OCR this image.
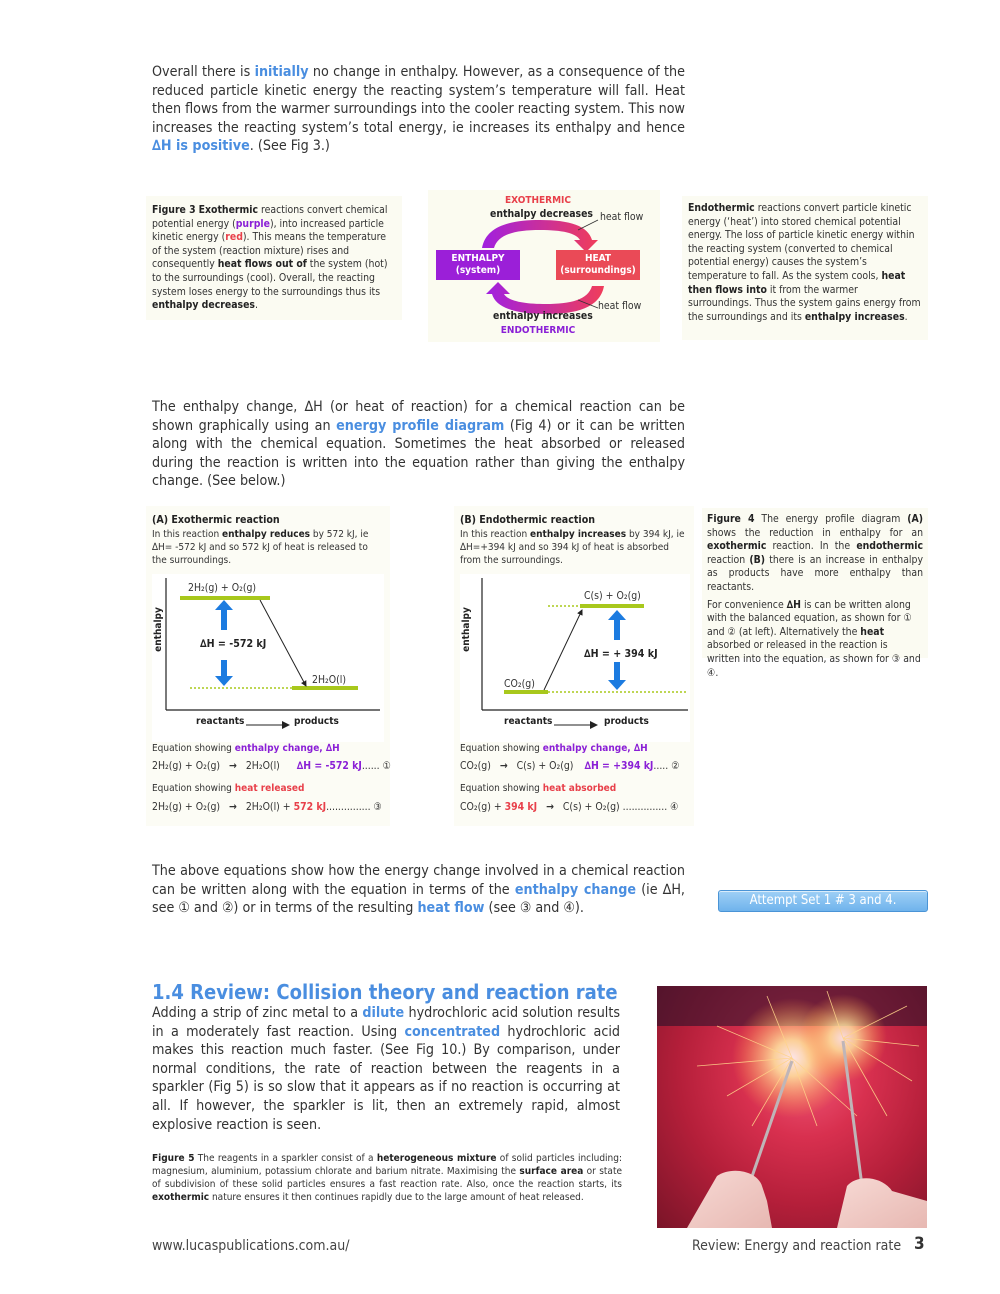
Overall there is initially no change in enthalpy. However, as a consequence of the reduced particle kinetic energy the reacting system’s temperature will fall. Heat then flows from the warmer surroundings into the cooler reacting system. This now increases the reacting system’s total energy, ie increases its enthalpy and hence ∆H is positive. (See Fig 3.)
Figure 3 Exothermic reactions convert chemical potential energy (purple), into increased particle kinetic energy (red). This means the temperature of the system (reaction mixture) rises and consequently heat flows out of the system (hot) to the surroundings (cool). Overall, the reacting system loses energy to the surroundings thus its enthalpy decreases.
EXOTHERMIC
enthalpy decreases heat flow
ENTHALPY
(system)
HEAT
(surroundings)
heat flow
enthalpy increases
ENDOTHERMIC
Endothermic reactions convert particle kinetic energy (‘heat’) into stored chemical potential energy. The loss of particle kinetic energy within the reacting system (converted to chemical potential energy) causes the system’s temperature to fall. As the system cools, heat then flows into it from the warmer surroundings. Thus the system gains energy from the surroundings and its enthalpy increases.
The enthalpy change, ∆H (or heat of reaction) for a chemical reaction can be shown graphically using an energy profile diagram (Fig 4) or it can be written along with the chemical equation. Sometimes the heat absorbed or released during the reaction is written into the equation rather than giving the enthalpy change. (See below.)
(A) Exothermic reaction
In this reaction enthalpy reduces by 572 kJ, ie ∆H= -572 kJ and so 572 kJ of heat is released to the surroundings.
enthalpy
2H₂(g) + O₂(g)
2H₂O(l)
∆H = -572 kJ
reactants	products
Equation showing enthalpy change, ∆H
2H₂(g) + O₂(g) → 2H₂O(l) ∆H = -572 kJ...... ①
Equation showing heat released
2H₂(g) + O₂(g) → 2H₂O(l) + 572 kJ............... ③
(B) Endothermic reaction
In this reaction enthalpy increases by 394 kJ, ie ∆H=+394 kJ and so 394 kJ of heat is absorbed from the surroundings.
enthalpy
C(s) + O₂(g)
CO₂(g)
∆H = + 394 kJ
reactants	products
Equation showing enthalpy change, ∆H
CO₂(g) → C(s) + O₂(g) ∆H = +394 kJ..... ②
Equation showing heat absorbed
CO₂(g) + 394 kJ → C(s) + O₂(g) ............... ④
Figure 4 The energy profile diagram (A) shows the reduction in enthalpy for an exothermic reaction. In the endothermic reaction (B) there is an increase in enthalpy as products have more enthalpy than reactants.
For convenience ∆H is can be written along with the balanced equation, as shown for ① and ② (at left). Alternatively the heat absorbed or released in the reaction is written into the equation, as shown for ③ and ④.
The above equations show how the energy change involved in a chemical reaction can be written along with the equation in terms of the enthalpy change (ie ∆H, see ① and ②) or in terms of the resulting heat flow (see ③ and ④).	Attempt Set 1 # 3 and 4.
1.4 Review: Collision theory and reaction rate
Adding a strip of zinc metal to a dilute hydrochloric acid solution results in a moderately fast reaction. Using concentrated hydrochloric acid makes this reaction much faster. (See Fig 10.) By comparison, under normal conditions, the rate of reaction between the reagents in a sparkler (Fig 5) is so slow that it appears as if no reaction is occurring at all. If however, the sparkler is lit, then an extremely rapid, almost explosive reaction is seen.
Figure 5 The reagents in a sparkler consist of a heterogeneous mixture of solid particles including: magnesium, aluminium, potassium chlorate and barium nitrate. Maximising the surface area or state of subdivision of these solid particles ensures a fast reaction rate. Also, once the reaction starts, its exothermic nature ensures it then continues rapidly due to the large amount of heat released.
www.lucaspublications.com.au/	Review: Energy and reaction rate 3
